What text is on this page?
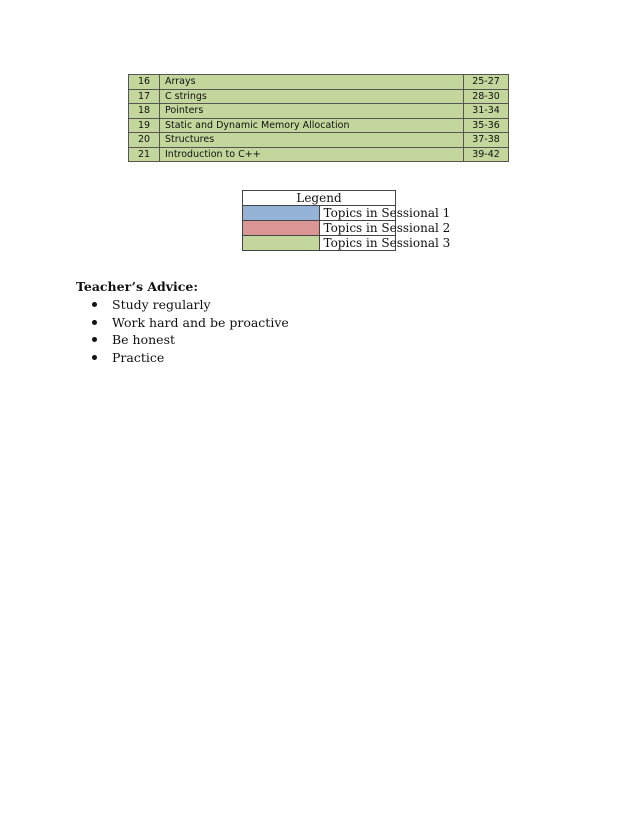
16	Arrays	25-27
17	C strings	28-30
18	Pointers	31-34
19	Static and Dynamic Memory Allocation	35-36
20	Structures	37-38
21	Introduction to C++	39-42
Legend	
	Topics in Sessional 1
	Topics in Sessional 2
	Topics in Sessional 3
Teacher’s Advice:
Study regularly
Work hard and be proactive
Be honest
Practice
